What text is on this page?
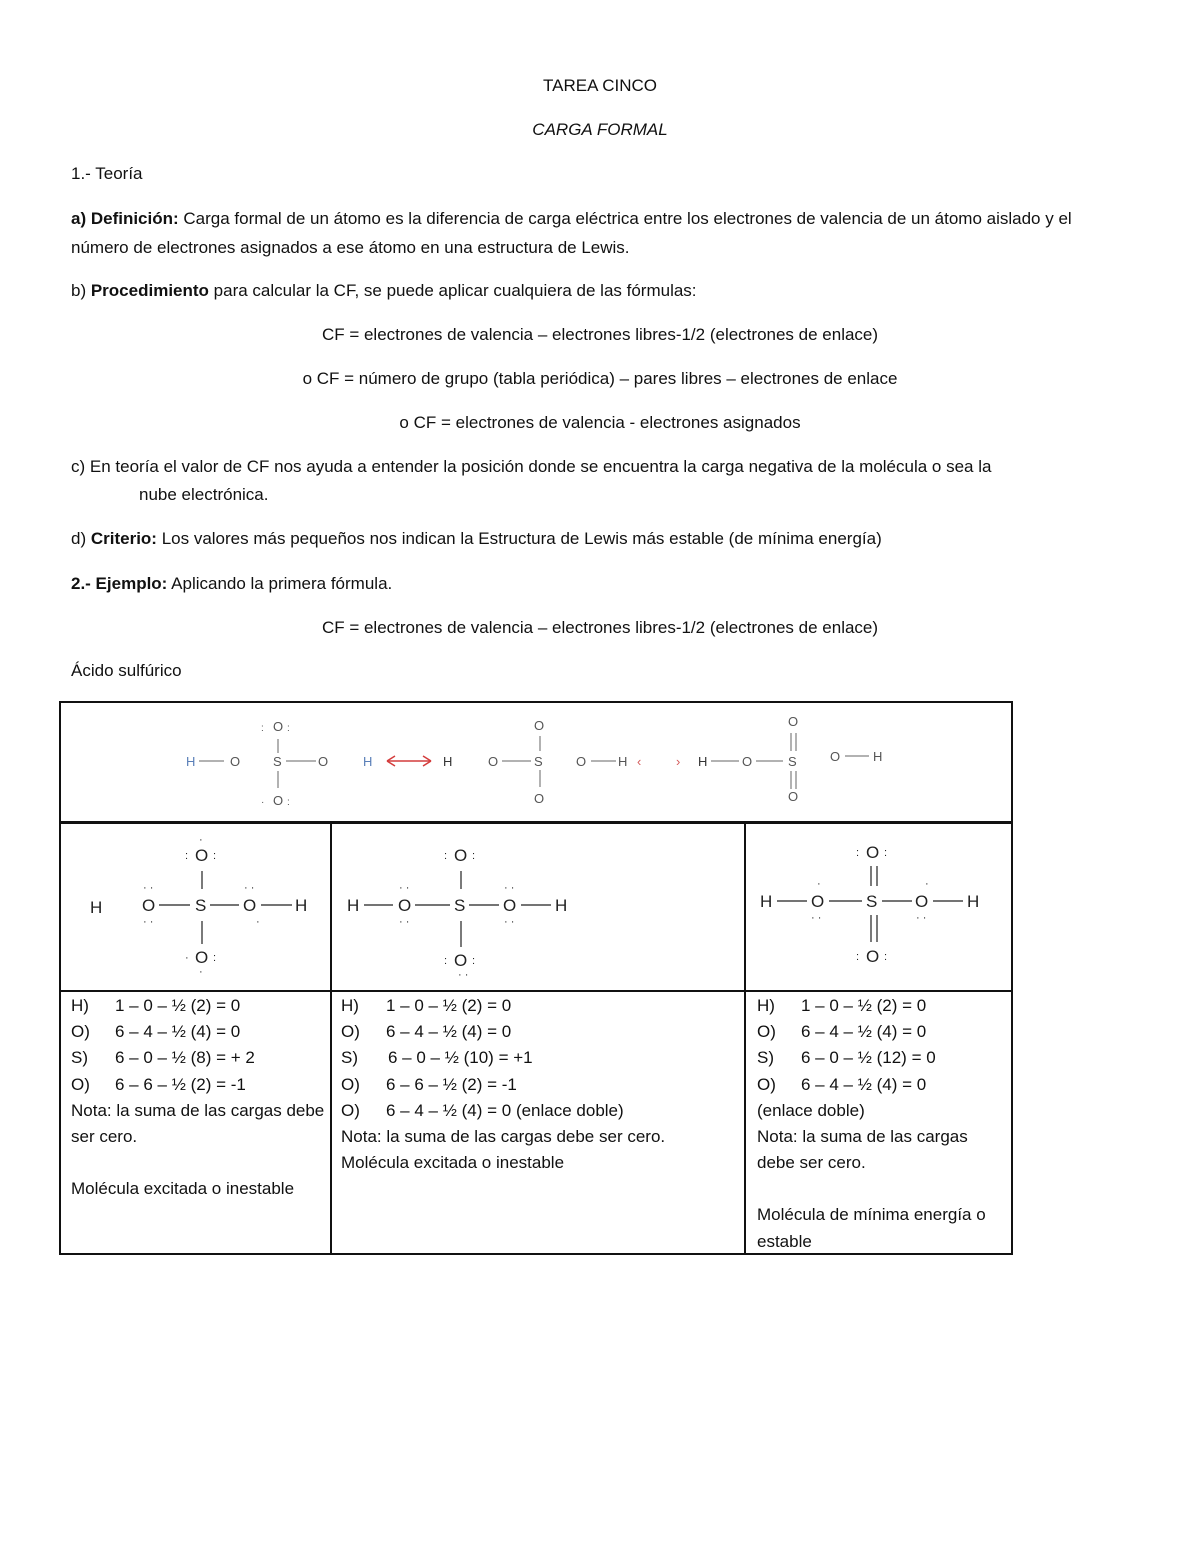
TAREA CINCO
CARGA FORMAL
1.- Teoría
a) Definición: Carga formal de un átomo es la diferencia de carga eléctrica entre los electrones de valencia de un átomo aislado y el número de electrones asignados a ese átomo en una estructura de Lewis.
b) Procedimiento para calcular la CF, se puede aplicar cualquiera de las fórmulas:
CF = electrones de valencia – electrones libres-1/2 (electrones de enlace)
o CF = número de grupo (tabla periódica) – pares libres – electrones de enlace
o CF = electrones de valencia - electrones asignados
c) En teoría el valor de CF nos ayuda a entender la posición donde se encuentra la carga negativa de la molécula o sea la
nube electrónica.
d) Criterio: Los valores más pequeños nos indican la Estructura de Lewis más estable (de mínima energía)
2.- Ejemplo: Aplicando la primera fórmula.
CF = electrones de valencia – electrones libres-1/2 (electrones de enlace)
Ácido sulfúrico
H	O	S	O
O
O
: :
· :
H	H	O	S
O
O
O H ‹	› H	O	S
O
O
O	H
H O S O H
O
O
: :
·
· :
·
· ·
· ·
· ·
·
H O	S O H
O
O
: :
: :
· ·
· ·
· ·
· ·
· ·
H O S O H
O
O
: :
: :
·
· ·
·
· ·
H) 1 – 0 – ½ (2) = 0
O) 6 – 4 – ½ (4) = 0
S) 6 – 0 – ½ (8) = + 2
O) 6 – 6 – ½ (2) = -1
Nota: la suma de las cargas debe ser cero.
Molécula excitada o inestable
H) 1 – 0 – ½ (2) = 0
O) 6 – 4 – ½ (4) = 0
S) 6 – 0 – ½ (10) = +1
O) 6 – 6 – ½ (2) = -1
O) 6 – 4 – ½ (4) = 0 (enlace doble)
Nota: la suma de las cargas debe ser cero.
Molécula excitada o inestable
H) 1 – 0 – ½ (2) = 0
O) 6 – 4 – ½ (4) = 0
S) 6 – 0 – ½ (12) = 0
O) 6 – 4 – ½ (4) = 0
(enlace doble)
Nota: la suma de las cargas debe ser cero.
Molécula de mínima energía o estable
